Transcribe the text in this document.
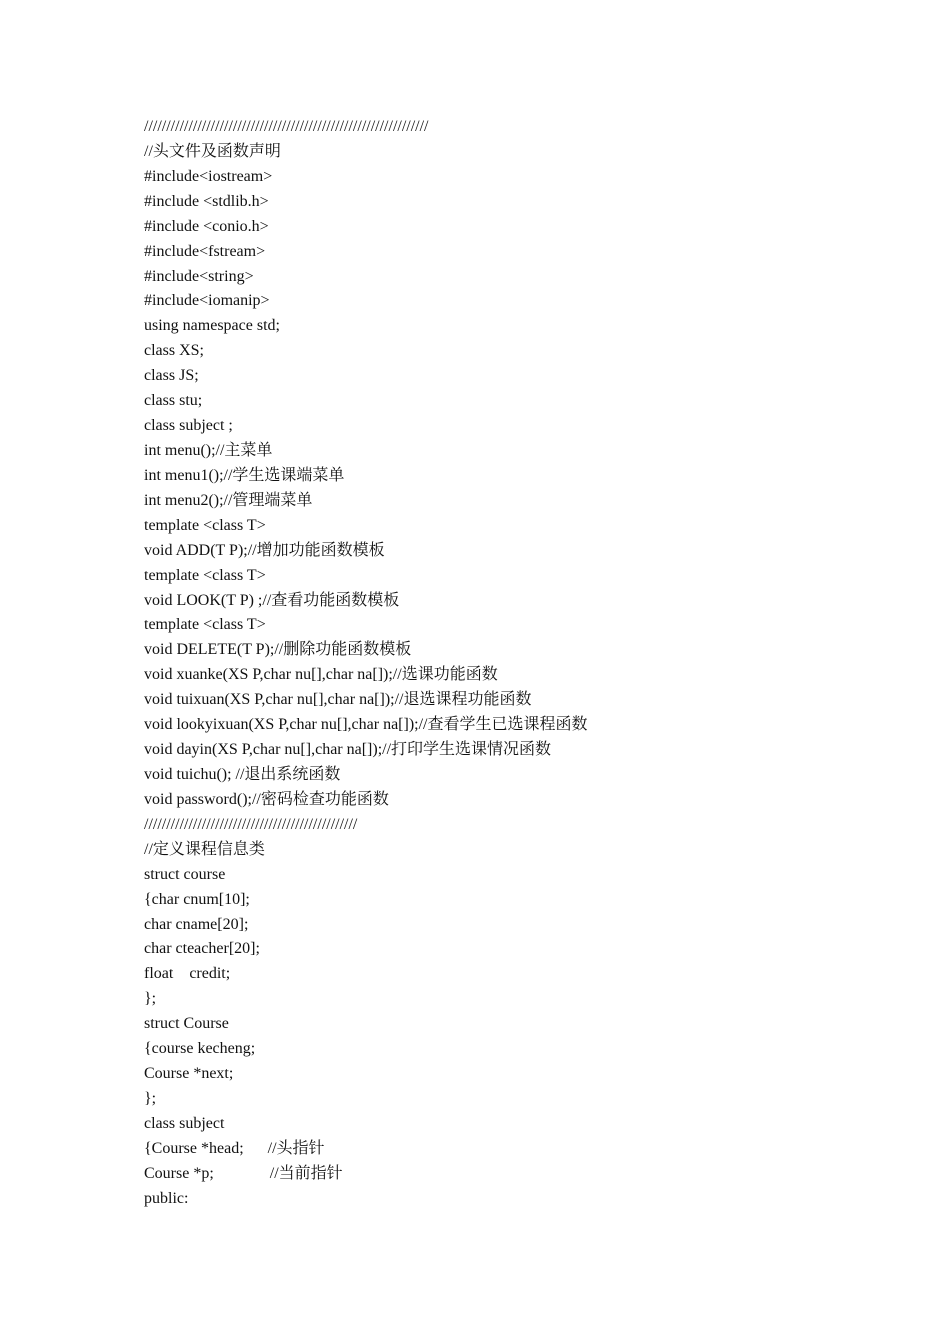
////////////////////////////////////////////////////////////////
//头文件及函数声明
#include<iostream>
#include <stdlib.h>
#include <conio.h>
#include<fstream>
#include<string>
#include<iomanip>
using namespace std;
class XS;
class JS;
class stu;
class subject ;
int menu();//主菜单
int menu1();//学生选课端菜单
int menu2();//管理端菜单
template <class T>
void ADD(T P);//增加功能函数模板
template <class T>
void LOOK(T P) ;//查看功能函数模板
template <class T>
void DELETE(T P);//删除功能函数模板
void xuanke(XS P,char nu[],char na[]);//选课功能函数
void tuixuan(XS P,char nu[],char na[]);//退选课程功能函数
void lookyixuan(XS P,char nu[],char na[]);//查看学生已选课程函数
void dayin(XS P,char nu[],char na[]);//打印学生选课情况函数
void tuichu(); //退出系统函数
void password();//密码检查功能函数
////////////////////////////////////////////////
//定义课程信息类
struct course
{char cnum[10];
char cname[20];
char cteacher[20];
float    credit;
};
struct Course
{course kecheng;
Course *next;
};
class subject
{Course *head;      //头指针
Course *p;              //当前指针
public:
